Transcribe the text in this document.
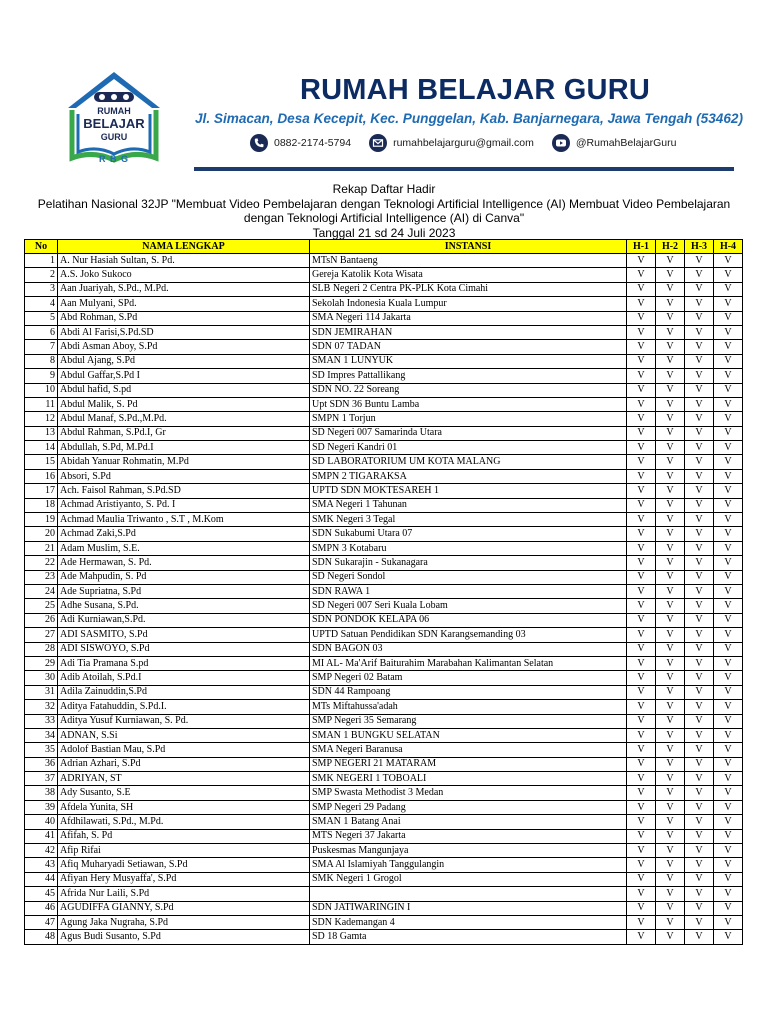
RUMAH
BELAJAR
GURU
R B G
RUMAH BELAJAR GURU
Jl. Simacan, Desa Kecepit, Kec. Punggelan, Kab. Banjarnegara, Jawa Tengah (53462)
0882-2174-5794	rumahbelajarguru@gmail.com	@RumahBelajarGuru
Rekap Daftar Hadir
Pelatihan Nasional 32JP "Membuat Video Pembelajaran dengan Teknologi Artificial Intelligence (AI) Membuat Video Pembelajaran
dengan Teknologi Artificial Intelligence (AI) di Canva"
Tanggal 21 sd 24 Juli 2023
No	NAMA LENGKAP	INSTANSI	H-1	H-2	H-3	H-4
1	A. Nur Hasiah Sultan, S. Pd.	MTsN Bantaeng	V	V	V	V
2	A.S. Joko Sukoco	Gereja Katolik Kota Wisata	V	V	V	V
3	Aan Juariyah, S.Pd., M.Pd.	SLB Negeri 2 Centra PK-PLK Kota Cimahi	V	V	V	V
4	Aan Mulyani, SPd.	Sekolah Indonesia Kuala Lumpur	V	V	V	V
5	Abd Rohman, S.Pd	SMA Negeri 114 Jakarta	V	V	V	V
6	Abdi Al Farisi,S.Pd.SD	SDN JEMIRAHAN	V	V	V	V
7	Abdi Asman Aboy, S.Pd	SDN 07 TADAN	V	V	V	V
8	Abdul Ajang, S.Pd	SMAN 1 LUNYUK	V	V	V	V
9	Abdul Gaffar,S.Pd I	SD Impres Pattallikang	V	V	V	V
10	Abdul hafid, S.pd	SDN NO. 22 Soreang	V	V	V	V
11	Abdul Malik, S. Pd	Upt SDN 36 Buntu Lamba	V	V	V	V
12	Abdul Manaf, S.Pd.,M.Pd.	SMPN 1 Torjun	V	V	V	V
13	Abdul Rahman, S.Pd.I, Gr	SD Negeri 007 Samarinda Utara	V	V	V	V
14	Abdullah, S.Pd, M.Pd.I	SD Negeri Kandri 01	V	V	V	V
15	Abidah Yanuar Rohmatin, M.Pd	SD LABORATORIUM UM KOTA MALANG	V	V	V	V
16	Absori, S.Pd	SMPN 2 TIGARAKSA	V	V	V	V
17	Ach. Faisol Rahman, S.Pd.SD	UPTD SDN MOKTESAREH 1	V	V	V	V
18	Achmad Aristiyanto, S. Pd. I	SMA Negeri 1 Tahunan	V	V	V	V
19	Achmad Maulia Triwanto , S.T , M.Kom	SMK Negeri 3 Tegal	V	V	V	V
20	Achmad Zaki,S.Pd	SDN Sukabumi Utara 07	V	V	V	V
21	Adam Muslim, S.E.	SMPN 3 Kotabaru	V	V	V	V
22	Ade Hermawan, S. Pd.	SDN Sukarajin - Sukanagara	V	V	V	V
23	Ade Mahpudin, S. Pd	SD Negeri Sondol	V	V	V	V
24	Ade Supriatna, S.Pd	SDN RAWA 1	V	V	V	V
25	Adhe Susana, S.Pd.	SD Negeri 007 Seri Kuala Lobam	V	V	V	V
26	Adi Kurniawan,S.Pd.	SDN PONDOK KELAPA 06	V	V	V	V
27	ADI SASMITO, S.Pd	UPTD Satuan Pendidikan SDN Karangsemanding 03	V	V	V	V
28	ADI SISWOYO, S.Pd	SDN BAGON 03	V	V	V	V
29	Adi Tia Pramana S.pd	MI AL- Ma'Arif Baiturahim Marabahan Kalimantan Selatan	V	V	V	V
30	Adib Atoilah, S.Pd.I	SMP Negeri 02 Batam	V	V	V	V
31	Adila Zainuddin,S.Pd	SDN 44 Rampoang	V	V	V	V
32	Aditya Fatahuddin, S.Pd.I.	MTs Miftahussa'adah	V	V	V	V
33	Aditya Yusuf Kurniawan, S. Pd.	SMP Negeri 35 Semarang	V	V	V	V
34	ADNAN, S.Si	SMAN 1 BUNGKU SELATAN	V	V	V	V
35	Adolof Bastian Mau, S.Pd	SMA Negeri Baranusa	V	V	V	V
36	Adrian Azhari, S.Pd	SMP NEGERI 21 MATARAM	V	V	V	V
37	ADRIYAN, ST	SMK NEGERI 1 TOBOALI	V	V	V	V
38	Ady Susanto, S.E	SMP Swasta Methodist 3 Medan	V	V	V	V
39	Afdela Yunita, SH	SMP Negeri 29 Padang	V	V	V	V
40	Afdhilawati, S.Pd., M.Pd.	SMAN 1 Batang Anai	V	V	V	V
41	Afifah, S. Pd	MTS Negeri 37 Jakarta	V	V	V	V
42	Afip Rifai	Puskesmas Mangunjaya	V	V	V	V
43	Afiq Muharyadi Setiawan, S.Pd	SMA Al Islamiyah Tanggulangin	V	V	V	V
44	Afiyan Hery Musyaffa', S.Pd	SMK Negeri 1 Grogol	V	V	V	V
45	Afrida Nur Laili, S.Pd		V	V	V	V
46	AGUDIFFA GIANNY, S.Pd	SDN JATIWARINGIN I	V	V	V	V
47	Agung Jaka Nugraha, S.Pd	SDN Kademangan 4	V	V	V	V
48	Agus Budi Susanto, S.Pd	SD 18 Gamta	V	V	V	V
